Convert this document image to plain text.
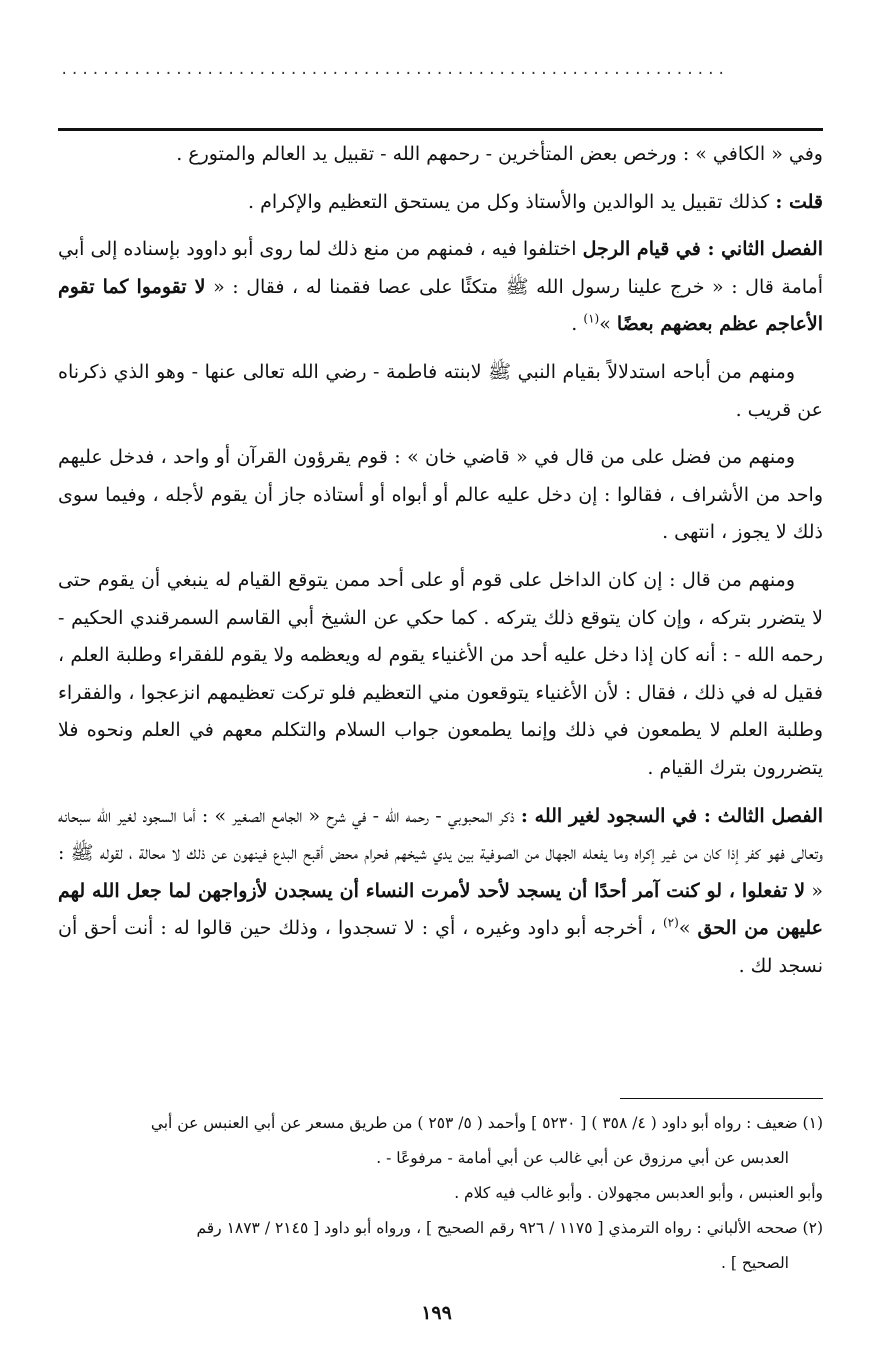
................................................................

وفي « الكافي » : ورخص بعض المتأخرين - رحمهم الله - تقبيل يد العالم والمتورع .

قلت : كذلك تقبيل يد الوالدين والأستاذ وكل من يستحق التعظيم والإكرام .

الفصل الثاني : في قيام الرجل اختلفوا فيه ، فمنهم من منع ذلك لما روى أبو داوود بإسناده إلى أبي أمامة قال : « خرج علينا رسول الله ﷺ متكئًا على عصا فقمنا له ، فقال : « لا تقوموا كما تقوم الأعاجم عظم بعضهم بعضًا »$^{(١)}$ .

ومنهم من أباحه استدلالاً بقيام النبي ﷺ لابنته فاطمة - رضي الله تعالى عنها - وهو الذي ذكرناه عن قريب .

ومنهم من فضل على من قال في « قاضي خان » : قوم يقرؤون القرآن أو واحد ، فدخل عليهم واحد من الأشراف ، فقالوا : إن دخل عليه عالم أو أبواه أو أستاذه جاز أن يقوم لأجله ، وفيما سوى ذلك لا يجوز ، انتهى .

ومنهم من قال : إن كان الداخل على قوم أو على أحد ممن يتوقع القيام له ينبغي أن يقوم حتى لا يتضرر بتركه ، وإن كان يتوقع ذلك يتركه . كما حكي عن الشيخ أبي القاسم السمرقندي الحكيم - رحمه الله - : أنه كان إذا دخل عليه أحد من الأغنياء يقوم له ويعظمه ولا يقوم للفقراء وطلبة العلم ، فقيل له في ذلك ، فقال : لأن الأغنياء يتوقعون مني التعظيم فلو تركت تعظيمهم انزعجوا ، والفقراء وطلبة العلم لا يطمعون في ذلك وإنما يطمعون جواب السلام والتكلم معهم في العلم ونحوه فلا يتضررون بترك القيام .

الفصل الثالث : في السجود لغير الله : ذكر المحبوبي - رحمه الله - في شرح « الجامع الصغير » : أما السجود لغير الله سبحانه وتعالى فهو كفر إذا كان من غير إكراه وما يفعله الجهال من الصوفية بين يدي شيخهم فحرام محض أقبح البدع فينهون عن ذلك لا محالة ، لقوله ﷺ : « لا تفعلوا ، لو كنت آمر أحدًا أن يسجد لأحد لأمرت النساء أن يسجدن لأزواجهن لما جعل الله لهم عليهن من الحق »$^{(٢)}$ ، أخرجه أبو داود وغيره ، أي : لا تسجدوا ، وذلك حين قالوا له : أنت أحق أن نسجد لك .

(١) ضعيف : رواه أبو داود ( ٤/ ٣٥٨ ) [ ٥٢٣٠ ] وأحمد ( ٥/ ٢٥٣ ) من طريق مسعر عن أبي العنبس عن أبي

العدبس عن أبي مرزوق عن أبي غالب عن أبي أمامة - مرفوعًا - .

وأبو العنبس ، وأبو العدبس مجهولان . وأبو غالب فيه كلام .

(٢) صححه الألباني : رواه الترمذي [ ١١٧٥ / ٩٢٦ رقم الصحيح ] ، ورواه أبو داود [ ٢١٤٥ / ١٨٧٣ رقم

الصحيح ] .

١٩٩
